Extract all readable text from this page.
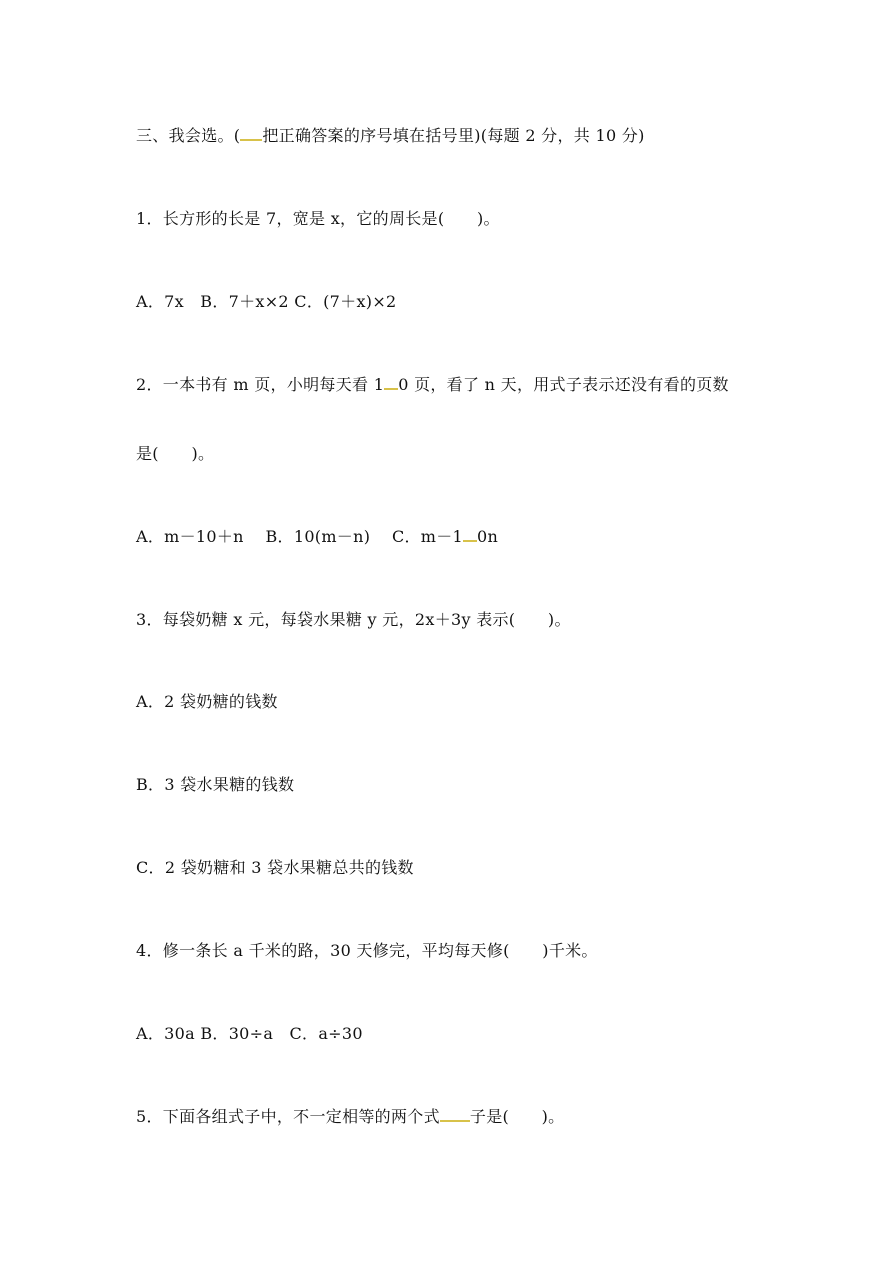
三、我会选。( 把正确答案的序号填在括号里)(每题 2 分，共 10 分)
1．长方形的长是 7，宽是 x，它的周长是(　　)。
A．7x　B．7＋x×2 C．(7＋x)×2
2．一本书有 m 页，小明每天看 1 0 页，看了 n 天，用式子表示还没有看的页数
是(　　)。
A．m－10＋n　 B．10(m－n)　 C．m－1 0n
3．每袋奶糖 x 元，每袋水果糖 y 元，2x＋3y 表示(　　)。
A．2 袋奶糖的钱数
B．3 袋水果糖的钱数
C．2 袋奶糖和 3 袋水果糖总共的钱数
4．修一条长 a 千米的路，30 天修完，平均每天修(　　)千米。
A．30a B．30÷a　C．a÷30
5．下面各组式子中，不一定相等的两个式 子是(　　)。
